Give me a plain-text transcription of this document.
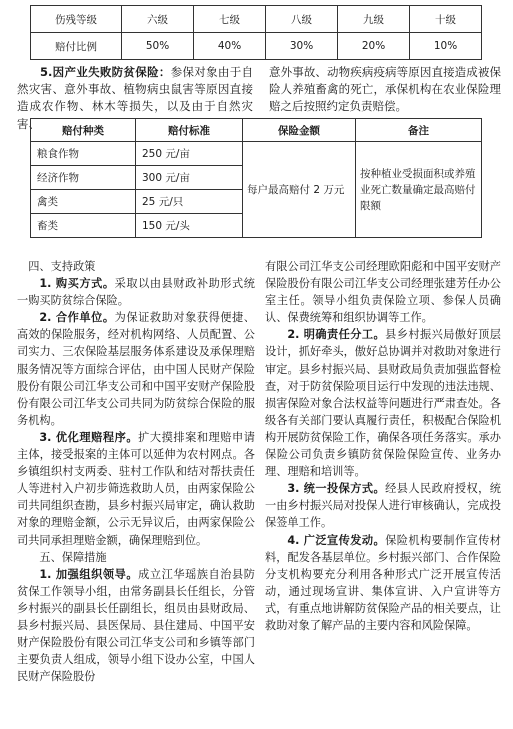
伤残等级	六级	七级	八级	九级	十级
赔付比例	50%	40%	30%	20%	10%

5.因产业失败防贫保险：参保对象由于自然灾害、意外事故、植物病虫鼠害等原因直接造成农作物、林木等损失，以及由于自然灾害、

意外事故、动物疾病疫病等原因直接造成被保险人养殖畜禽的死亡，承保机构在农业保险理赔之后按照约定负责赔偿。

赔付种类	赔付标准	保险金额	备注
粮食作物	250 元/亩	每户最高赔付 2 万元	按种植业受损面积或养殖业死亡数量确定最高赔付限额
经济作物	300 元/亩		
禽类	25 元/只		
畜类	150 元/头		

四、支持政策

1. 购买方式。采取以由县财政补助形式统一购买防贫综合保险。

2. 合作单位。为保证救助对象获得便捷、高效的保险服务，经对机构网络、人员配置、公司实力、三农保险基层服务体系建设及承保理赔服务情况等方面综合评估，由中国人民财产保险股份有限公司江华支公司和中国平安财产保险股份有限公司江华支公司共同为防贫综合保险的服务机构。

3. 优化理赔程序。扩大摸排案和理赔申请主体，接受报案的主体可以延伸为农村网点。各乡镇组织村支两委、驻村工作队和结对帮扶责任人等进村入户初步筛选救助人员，由两家保险公司共同组织查勘，县乡村振兴局审定，确认救助对象的理赔金额，公示无异议后，由两家保险公司共同承担理赔金额，确保理赔到位。

五、保障措施

1. 加强组织领导。成立江华瑶族自治县防贫保工作领导小组，由常务副县长任组长，分管乡村振兴的副县长任副组长，组员由县财政局、县乡村振兴局、县医保局、县住建局、中国平安财产保险股份有限公司江华支公司和乡镇等部门主要负责人组成，领导小组下设办公室，中国人民财产保险股份

有限公司江华支公司经理欧阳彪和中国平安财产保险股份有限公司江华支公司经理张建芳任办公室主任。领导小组负责保险立项、参保人员确认、保费统筹和组织协调等工作。

2. 明确责任分工。县乡村振兴局傲好顶层设计，抓好牵头，傲好总协调并对救助对象进行审定。县乡村振兴局、县财政局负责加强监督检查，对于防贫保险项目运行中发现的违法违规、损害保险对象合法权益等问题进行严肃查处。各级各有关部门要认真履行责任，积极配合保险机构开展防贫保险工作，确保各项任务落实。承办保险公司负责乡镇防贫保险保险宣传、业务办理、理赔和培训等。

3. 统一投保方式。经县人民政府授权，统一由乡村振兴局对投保人进行审核确认，完成投保签单工作。

4. 广泛宣传发动。保险机构要制作宣传材料，配发各基层单位。乡村振兴部门、合作保险分支机构要充分利用各种形式广泛开展宣传活动，通过现场宣讲、集体宣讲、入户宣讲等方式，有重点地讲解防贫保险产品的相关要点，让救助对象了解产品的主要内容和风险保障。
